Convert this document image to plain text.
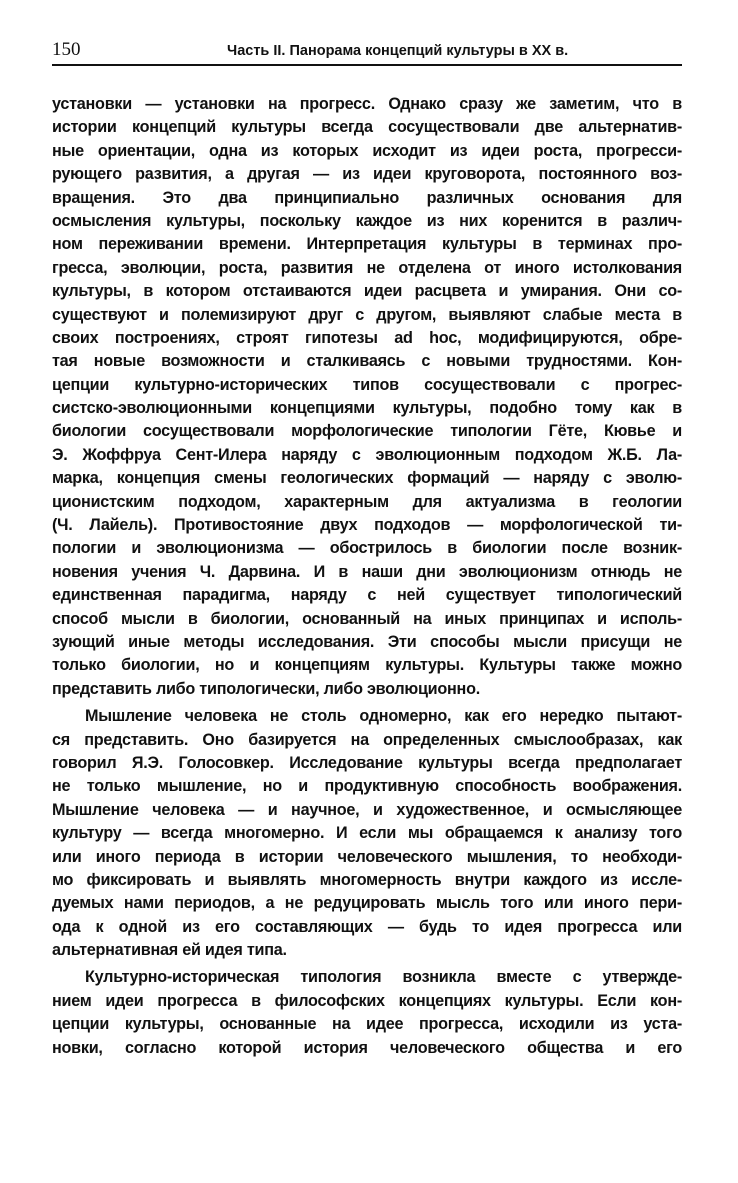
150	Часть II. Панорама концепций культуры в XX в.

установки — установки на прогресс. Однако сразу же заметим, что в
истории концепций культуры всегда сосуществовали две альтернатив-
ные ориентации, одна из которых исходит из идеи роста, прогресси-
рующего развития, а другая — из идеи круговорота, постоянного воз-
вращения. Это два принципиально различных основания для
осмысления культуры, поскольку каждое из них коренится в различ-
ном переживании времени. Интерпретация культуры в терминах про-
гресса, эволюции, роста, развития не отделена от иного истолкования
культуры, в котором отстаиваются идеи расцвета и умирания. Они со-
существуют и полемизируют друг с другом, выявляют слабые места в
своих построениях, строят гипотезы ad hoc, модифицируются, обре-
тая новые возможности и сталкиваясь с новыми трудностями. Кон-
цепции культурно-исторических типов сосуществовали с прогрес-
систско-эволюционными концепциями культуры, подобно тому как в
биологии сосуществовали морфологические типологии Гёте, Кювье и
Э. Жоффруа Сент-Илера наряду с эволюционным подходом Ж.Б. Ла-
марка, концепция смены геологических формаций — наряду с эволю-
ционистским подходом, характерным для актуализма в геологии
(Ч. Лайель). Противостояние двух подходов — морфологической ти-
пологии и эволюционизма — обострилось в биологии после возник-
новения учения Ч. Дарвина. И в наши дни эволюционизм отнюдь не
единственная парадигма, наряду с ней существует типологический
способ мысли в биологии, основанный на иных принципах и исполь-
зующий иные методы исследования. Эти способы мысли присущи не
только биологии, но и концепциям культуры. Культуры также можно
представить либо типологически, либо эволюционно.

Мышление человека не столь одномерно, как его нередко пытают-
ся представить. Оно базируется на определенных смыслообразах, как
говорил Я.Э. Голосовкер. Исследование культуры всегда предполагает
не только мышление, но и продуктивную способность воображения.
Мышление человека — и научное, и художественное, и осмысляющее
культуру — всегда многомерно. И если мы обращаемся к анализу того
или иного периода в истории человеческого мышления, то необходи-
мо фиксировать и выявлять многомерность внутри каждого из иссле-
дуемых нами периодов, а не редуцировать мысль того или иного пери-
ода к одной из его составляющих — будь то идея прогресса или
альтернативная ей идея типа.

Культурно-историческая типология возникла вместе с утвержде-
нием идеи прогресса в философских концепциях культуры. Если кон-
цепции культуры, основанные на идее прогресса, исходили из уста-
новки, согласно которой история человеческого общества и его
